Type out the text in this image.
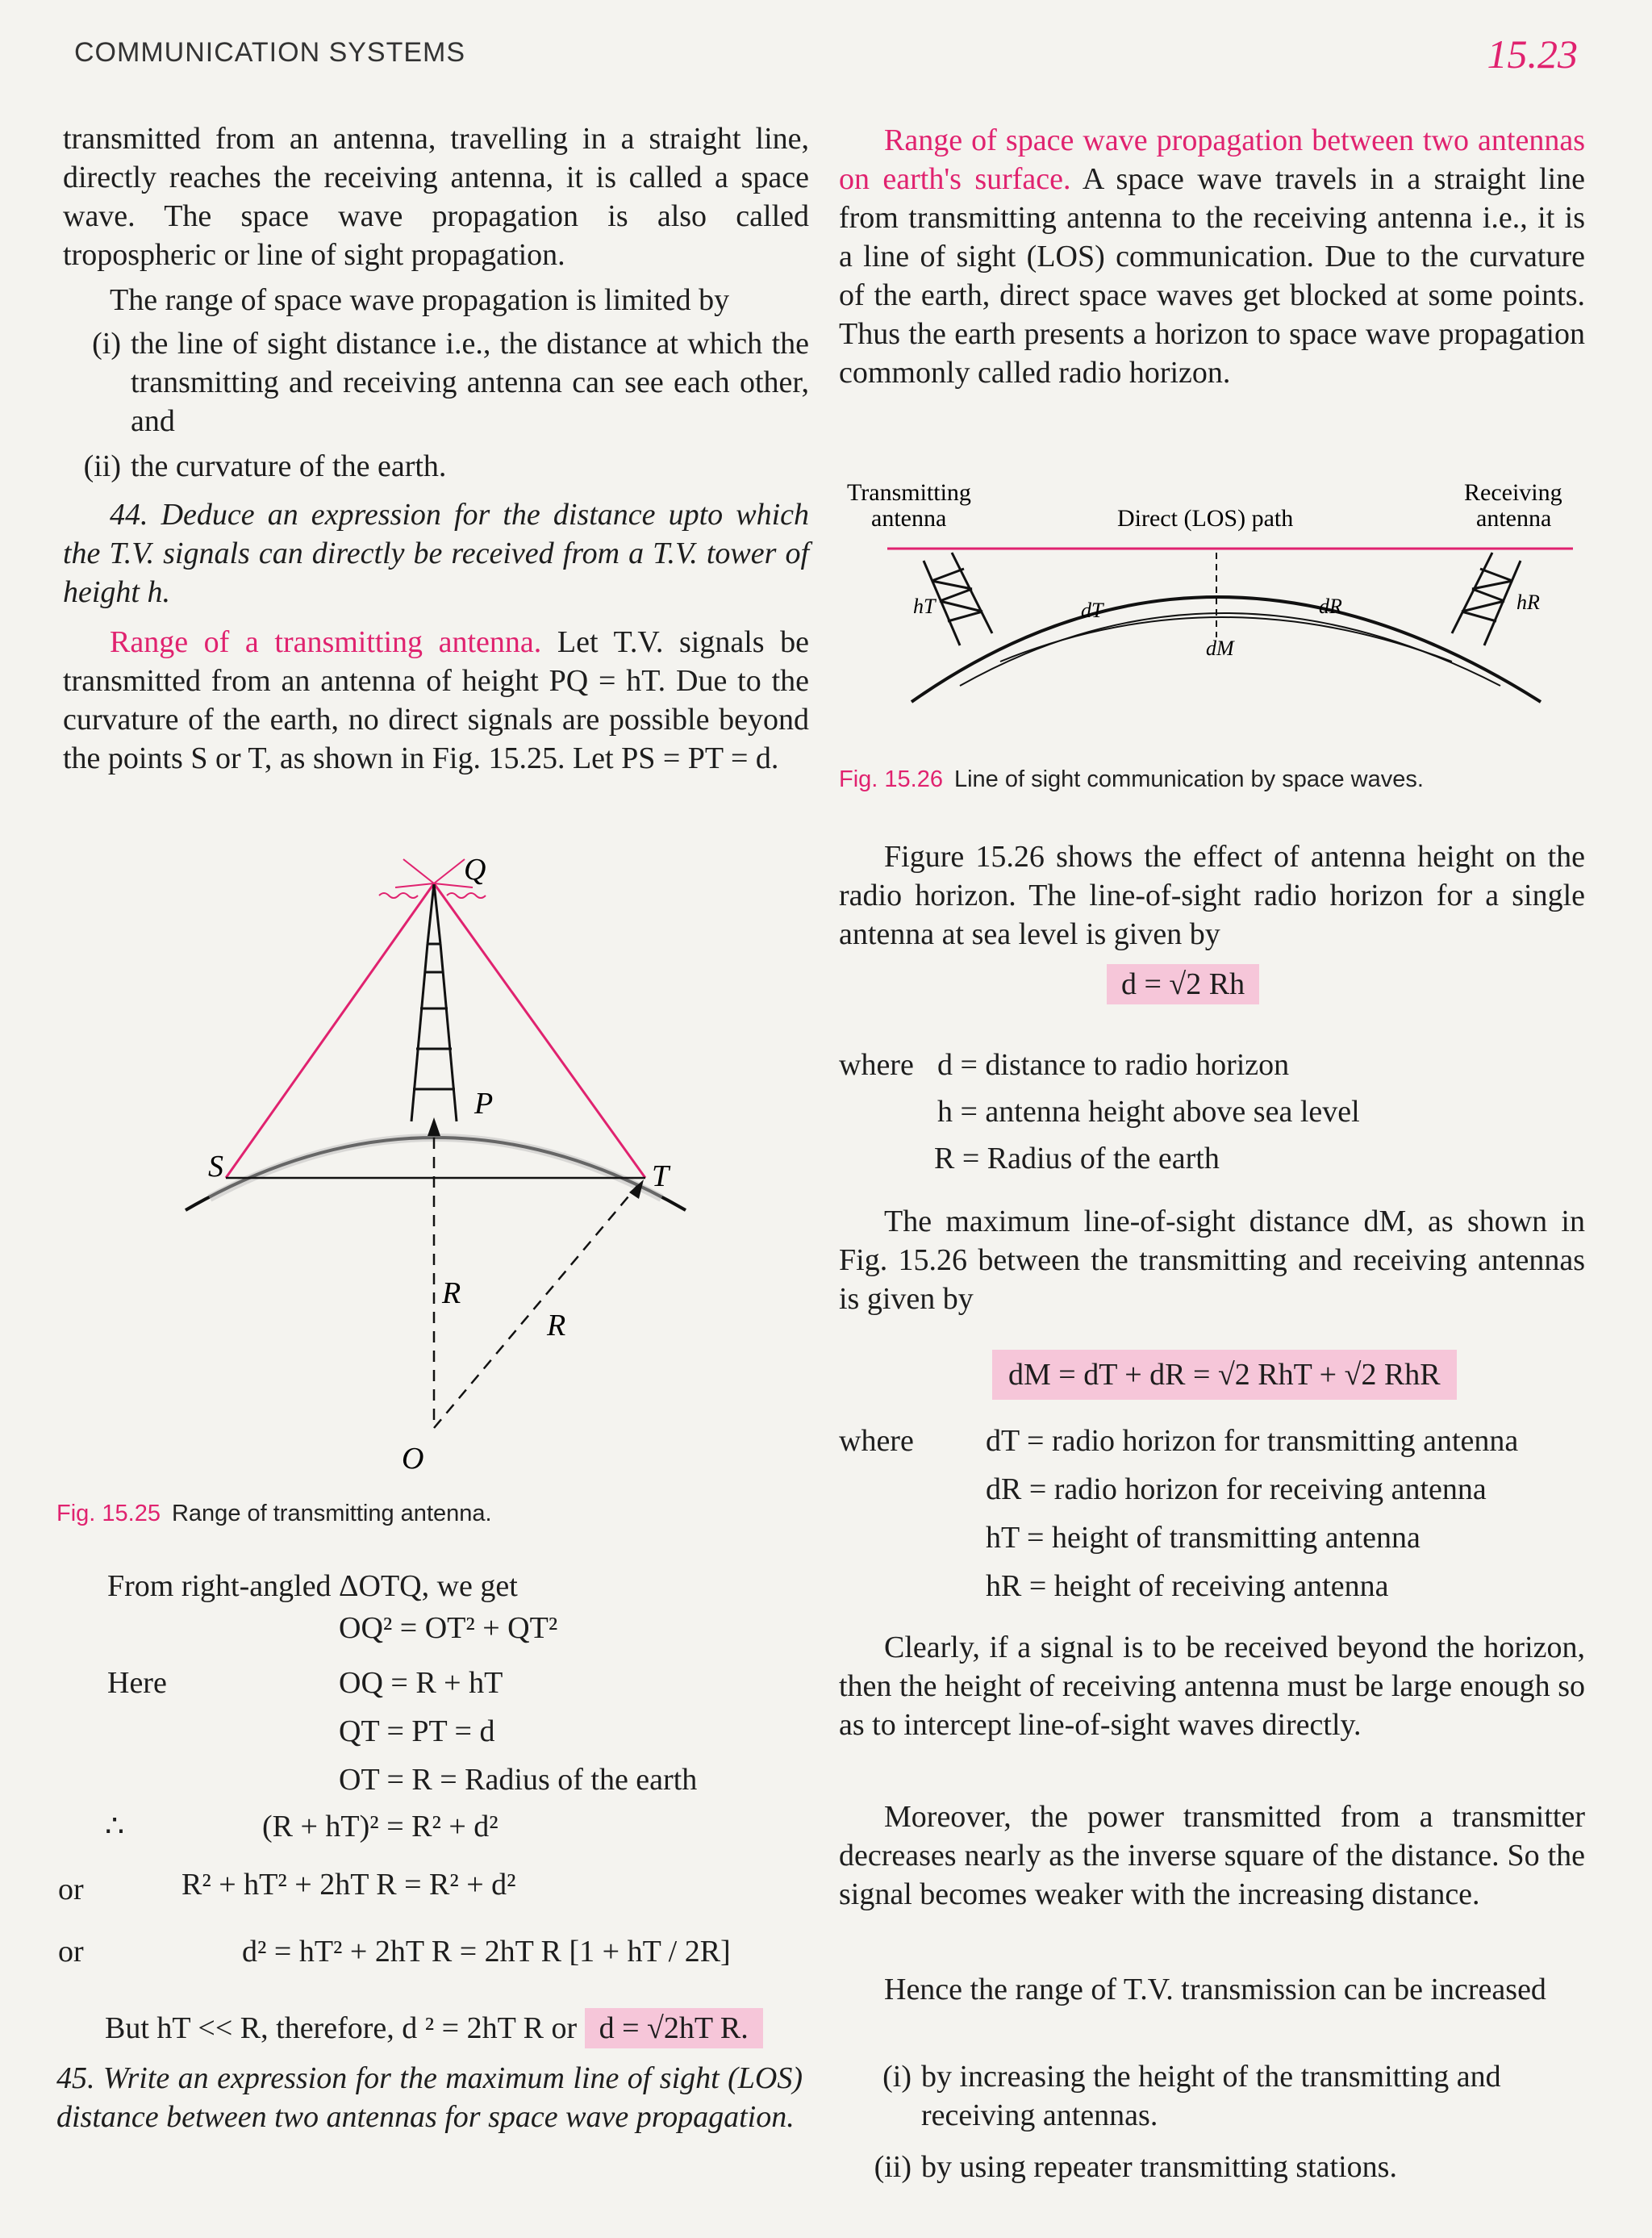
COMMUNICATION SYSTEMS	15.23

transmitted from an antenna, travelling in a straight line, directly reaches the receiving antenna, it is called a space wave. The space wave propagation is also called tropospheric or line of sight propagation.

The range of space wave propagation is limited by

(i) the line of sight distance i.e., the distance at which the transmitting and receiving antenna can see each other, and
(ii) the curvature of the earth.

44. Deduce an expression for the distance upto which the T.V. signals can directly be received from a T.V. tower of height h.

Range of a transmitting antenna. Let T.V. signals be transmitted from an antenna of height PQ = hT. Due to the curvature of the earth, no direct signals are possible beyond the points S or T, as shown in Fig. 15.25. Let PS = PT = d.

Q
P
S	T
R
R
O
Fig. 15.25 Range of transmitting antenna.

From right-angled ΔOTQ, we get

OQ² = OT² + QT²
Here	OQ = R + hT
QT = PT = d
OT = R = Radius of the earth
∴	(R + hT)² = R² + d²
or	R² + hT² + 2hT R = R² + d²
or	d² = hT² + 2hT R = 2hT R [1 + hT / 2R]
But hT << R, therefore, d ² = 2hT R or d = √2hT R.
45. Write an expression for the maximum line of sight (LOS) distance between two antennas for space wave propagation.

Range of space wave propagation between two antennas on earth's surface. A space wave travels in a straight line from transmitting antenna to the receiving antenna i.e., it is a line of sight (LOS) communication. Due to the curvature of the earth, direct space waves get blocked at some points. Thus the earth presents a horizon to space wave propagation commonly called radio horizon.

Transmitting
antenna	Direct (LOS) path
Receiving
antenna
hT	dT
dM
dR	hR
Fig. 15.26 Line of sight communication by space waves.
Figure 15.26 shows the effect of antenna height on the radio horizon. The line-of-sight radio horizon for a single antenna at sea level is given by
d = √2 Rh
where d = distance to radio horizon
h = antenna height above sea level
R = Radius of the earth
The maximum line-of-sight distance dM, as shown in Fig. 15.26 between the transmitting and receiving antennas is given by
dM = dT + dR = √2 RhT + √2 RhR
where dT = radio horizon for transmitting antenna
dR = radio horizon for receiving antenna
hT = height of transmitting antenna
hR = height of receiving antenna
Clearly, if a signal is to be received beyond the horizon, then the height of receiving antenna must be large enough so as to intercept line-of-sight waves directly.
Moreover, the power transmitted from a transmitter decreases nearly as the inverse square of the distance. So the signal becomes weaker with the increasing distance.
Hence the range of T.V. transmission can be increased
(i) by increasing the height of the transmitting and receiving antennas.
(ii) by using repeater transmitting stations.
